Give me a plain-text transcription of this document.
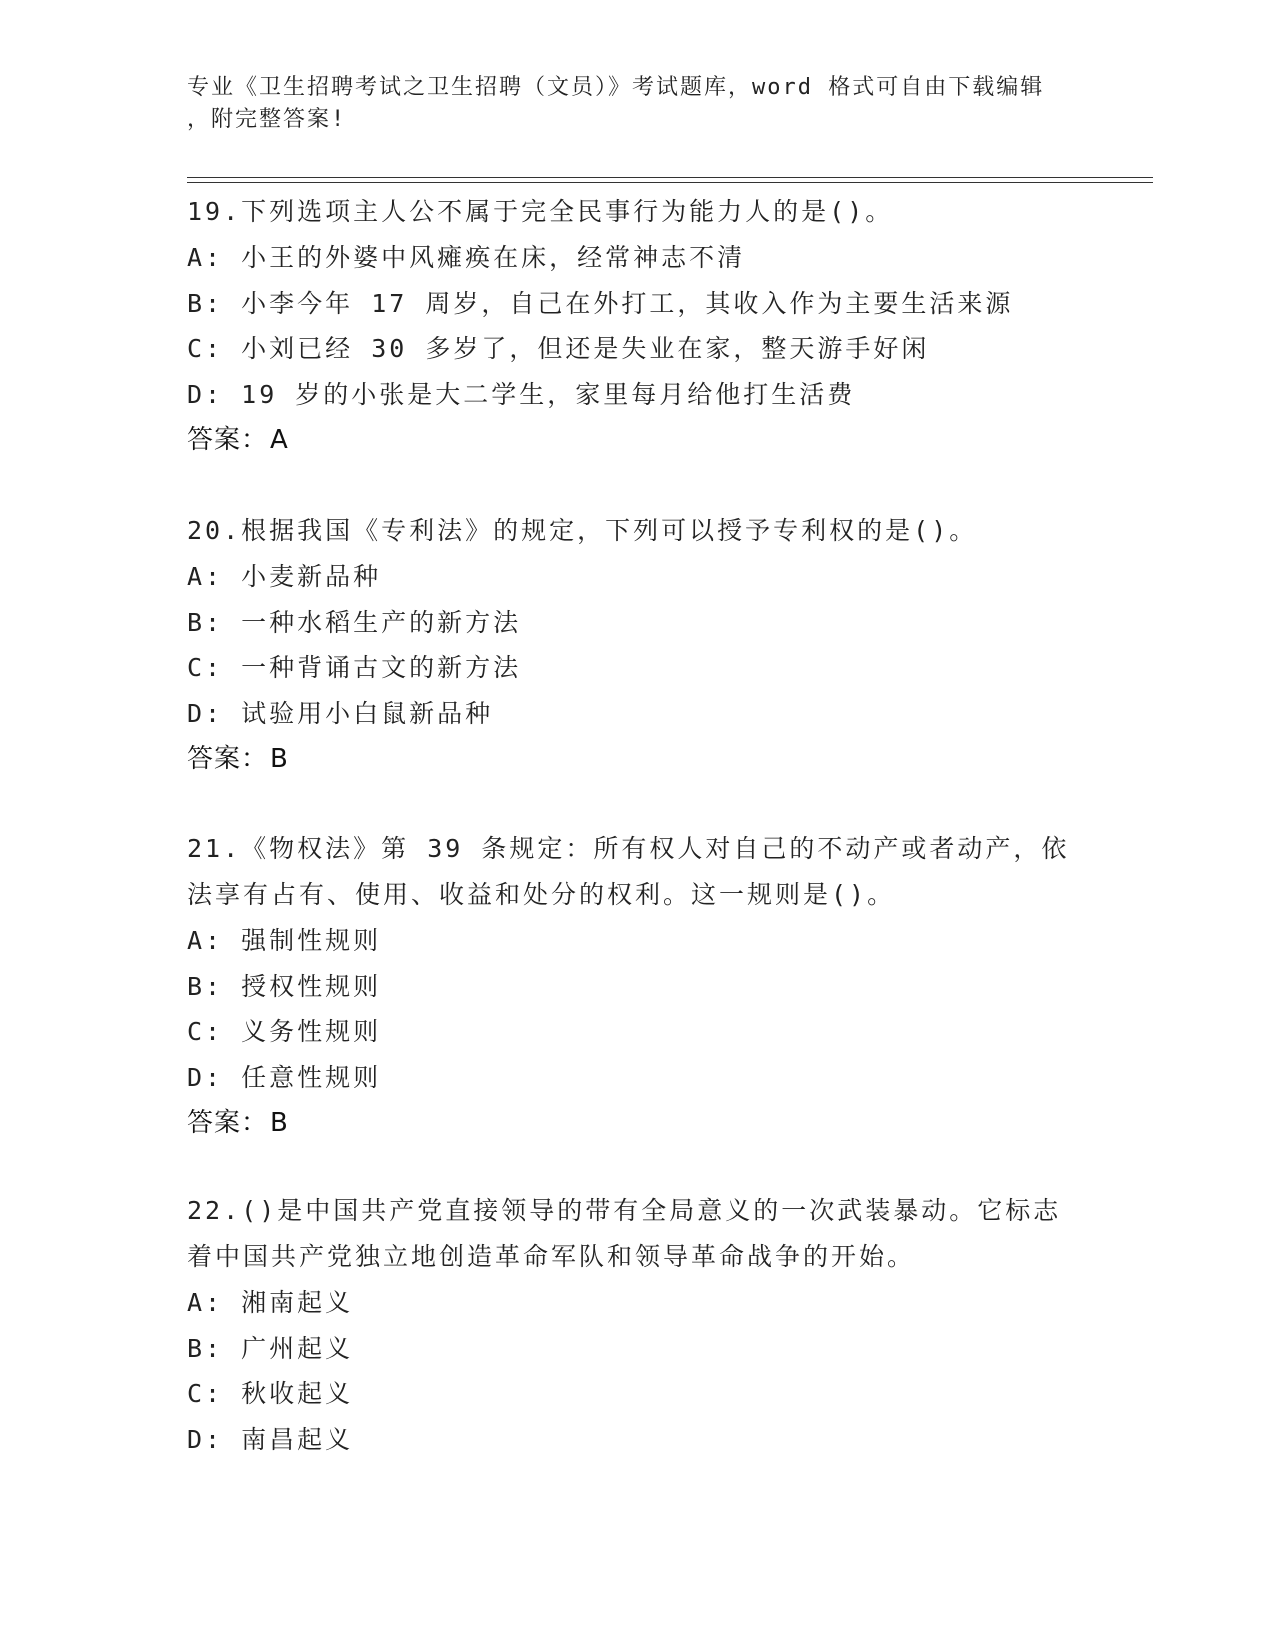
专业《卫生招聘考试之卫生招聘（文员）》考试题库，word 格式可自由下载编辑
，附完整答案!
19.下列选项主人公不属于完全民事行为能力人的是()。
A: 小王的外婆中风瘫痪在床，经常神志不清
B: 小李今年 17 周岁，自己在外打工，其收入作为主要生活来源
C: 小刘已经 30 多岁了，但还是失业在家，整天游手好闲
D: 19 岁的小张是大二学生，家里每月给他打生活费
答案：A
20.根据我国《专利法》的规定，下列可以授予专利权的是()。
A: 小麦新品种
B: 一种水稻生产的新方法
C: 一种背诵古文的新方法
D: 试验用小白鼠新品种
答案：B
21.《物权法》第 39 条规定：所有权人对自己的不动产或者动产，依
法享有占有、使用、收益和处分的权利。这一规则是()。
A: 强制性规则
B: 授权性规则
C: 义务性规则
D: 任意性规则
答案：B
22.()是中国共产党直接领导的带有全局意义的一次武装暴动。它标志
着中国共产党独立地创造革命军队和领导革命战争的开始。
A: 湘南起义
B: 广州起义
C: 秋收起义
D: 南昌起义
